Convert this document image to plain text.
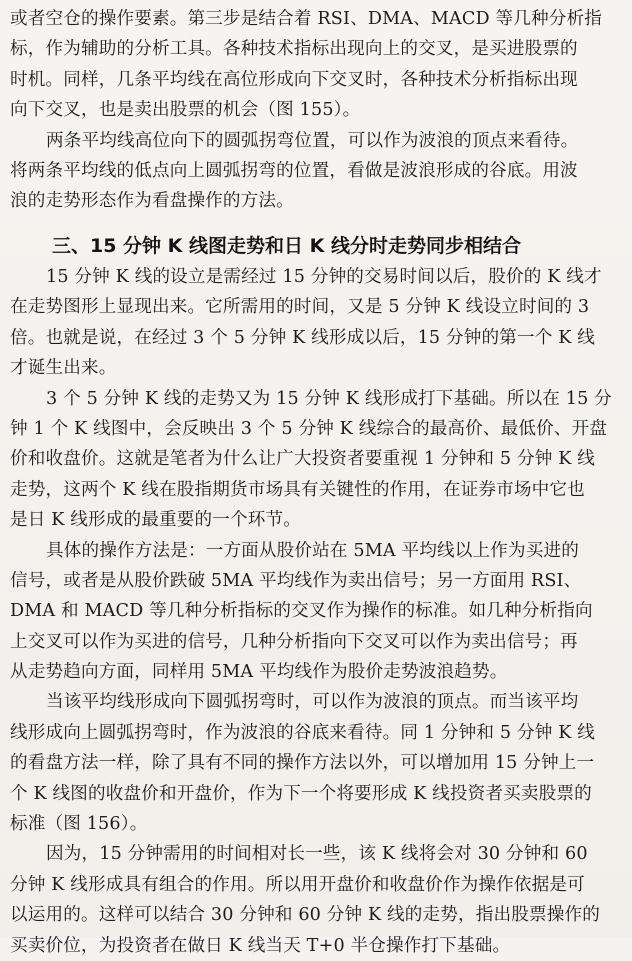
或者空仓的操作要素。第三步是结合着 RSI、DMA、MACD 等几种分析指
标，作为辅助的分析工具。各种技术指标出现向上的交叉，是买进股票的
时机。同样，几条平均线在高位形成向下交叉时，各种技术分析指标出现
向下交叉，也是卖出股票的机会（图 155）。
两条平均线高位向下的圆弧拐弯位置，可以作为波浪的顶点来看待。
将两条平均线的低点向上圆弧拐弯的位置，看做是波浪形成的谷底。用波
浪的走势形态作为看盘操作的方法。
三、15 分钟 K 线图走势和日 K 线分时走势同步相结合
15 分钟 K 线的设立是需经过 15 分钟的交易时间以后，股价的 K 线才
在走势图形上显现出来。它所需用的时间，又是 5 分钟 K 线设立时间的 3
倍。也就是说，在经过 3 个 5 分钟 K 线形成以后，15 分钟的第一个 K 线
才诞生出来。
3 个 5 分钟 K 线的走势又为 15 分钟 K 线形成打下基础。所以在 15 分
钟 1 个 K 线图中，会反映出 3 个 5 分钟 K 线综合的最高价、最低价、开盘
价和收盘价。这就是笔者为什么让广大投资者要重视 1 分钟和 5 分钟 K 线
走势，这两个 K 线在股指期货市场具有关键性的作用，在证券市场中它也
是日 K 线形成的最重要的一个环节。
具体的操作方法是：一方面从股价站在 5MA 平均线以上作为买进的
信号，或者是从股价跌破 5MA 平均线作为卖出信号；另一方面用 RSI、
DMA 和 MACD 等几种分析指标的交叉作为操作的标准。如几种分析指向
上交叉可以作为买进的信号，几种分析指向下交叉可以作为卖出信号；再
从走势趋向方面，同样用 5MA 平均线作为股价走势波浪趋势。
当该平均线形成向下圆弧拐弯时，可以作为波浪的顶点。而当该平均
线形成向上圆弧拐弯时，作为波浪的谷底来看待。同 1 分钟和 5 分钟 K 线
的看盘方法一样，除了具有不同的操作方法以外，可以增加用 15 分钟上一
个 K 线图的收盘价和开盘价，作为下一个将要形成 K 线投资者买卖股票的
标准（图 156）。
因为，15 分钟需用的时间相对长一些，该 K 线将会对 30 分钟和 60
分钟 K 线形成具有组合的作用。所以用开盘价和收盘价作为操作依据是可
以运用的。这样可以结合 30 分钟和 60 分钟 K 线的走势，指出股票操作的
买卖价位，为投资者在做日 K 线当天 T+0 半仓操作打下基础。
